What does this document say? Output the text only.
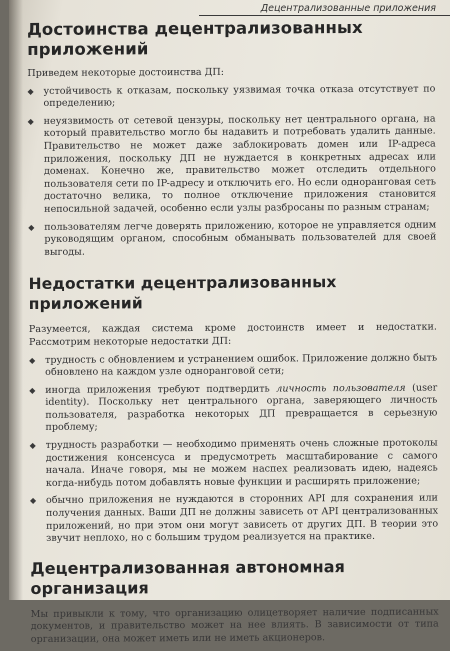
Децентрализованные приложения
Достоинства децентрализованных приложений

Приведем некоторые достоинства ДП:

◆ устойчивость к отказам, поскольку уязвимая точка отказа отсутствует по определению;
◆ неуязвимость от сетевой цензуры, поскольку нет центрального органа, на который правительство могло бы надавить и потребовать удалить данные. Правительство не может даже заблокировать домен или IP-адреса приложения, поскольку ДП не нуждается в конкретных адресах или доменах. Конечно же, правительство может отследить отдельного пользователя сети по IP-адресу и отключить его. Но если одноранговая сеть достаточно велика, то полное отключение приложения становится непосильной задачей, особенно если узлы разбросаны по разным странам;
◆ пользователям легче доверять приложению, которое не управляется одним руководящим органом, способным обманывать пользователей для своей выгоды.
Недостатки децентрализованных приложений

Разумеется, каждая система кроме достоинств имеет и недостатки. Рассмотрим некоторые недостатки ДП:

◆ трудность с обновлением и устранением ошибок. Приложение должно быть обновлено на каждом узле одноранговой сети;
◆ иногда приложения требуют подтвердить личность пользователя (user identity). Поскольку нет центрального органа, заверяющего личность пользователя, разработка некоторых ДП превращается в серьезную проблему;
◆ трудность разработки — необходимо применять очень сложные протоколы достижения консенсуса и предусмотреть масштабирование с самого начала. Иначе говоря, мы не можем наспех реализовать идею, надеясь когда-нибудь потом добавлять новые функции и расширять приложение;
◆ обычно приложения не нуждаются в сторонних API для сохранения или получения данных. Ваши ДП не должны зависеть от API централизованных приложений, но при этом они могут зависеть от других ДП. В теории это звучит неплохо, но с большим трудом реализуется на практике.
Децентрализованная автономная организация

Мы привыкли к тому, что организацию олицетворяет наличие подписанных документов, и правительство может на нее влиять. В зависимости от типа организации, она может иметь или не иметь акционеров.
